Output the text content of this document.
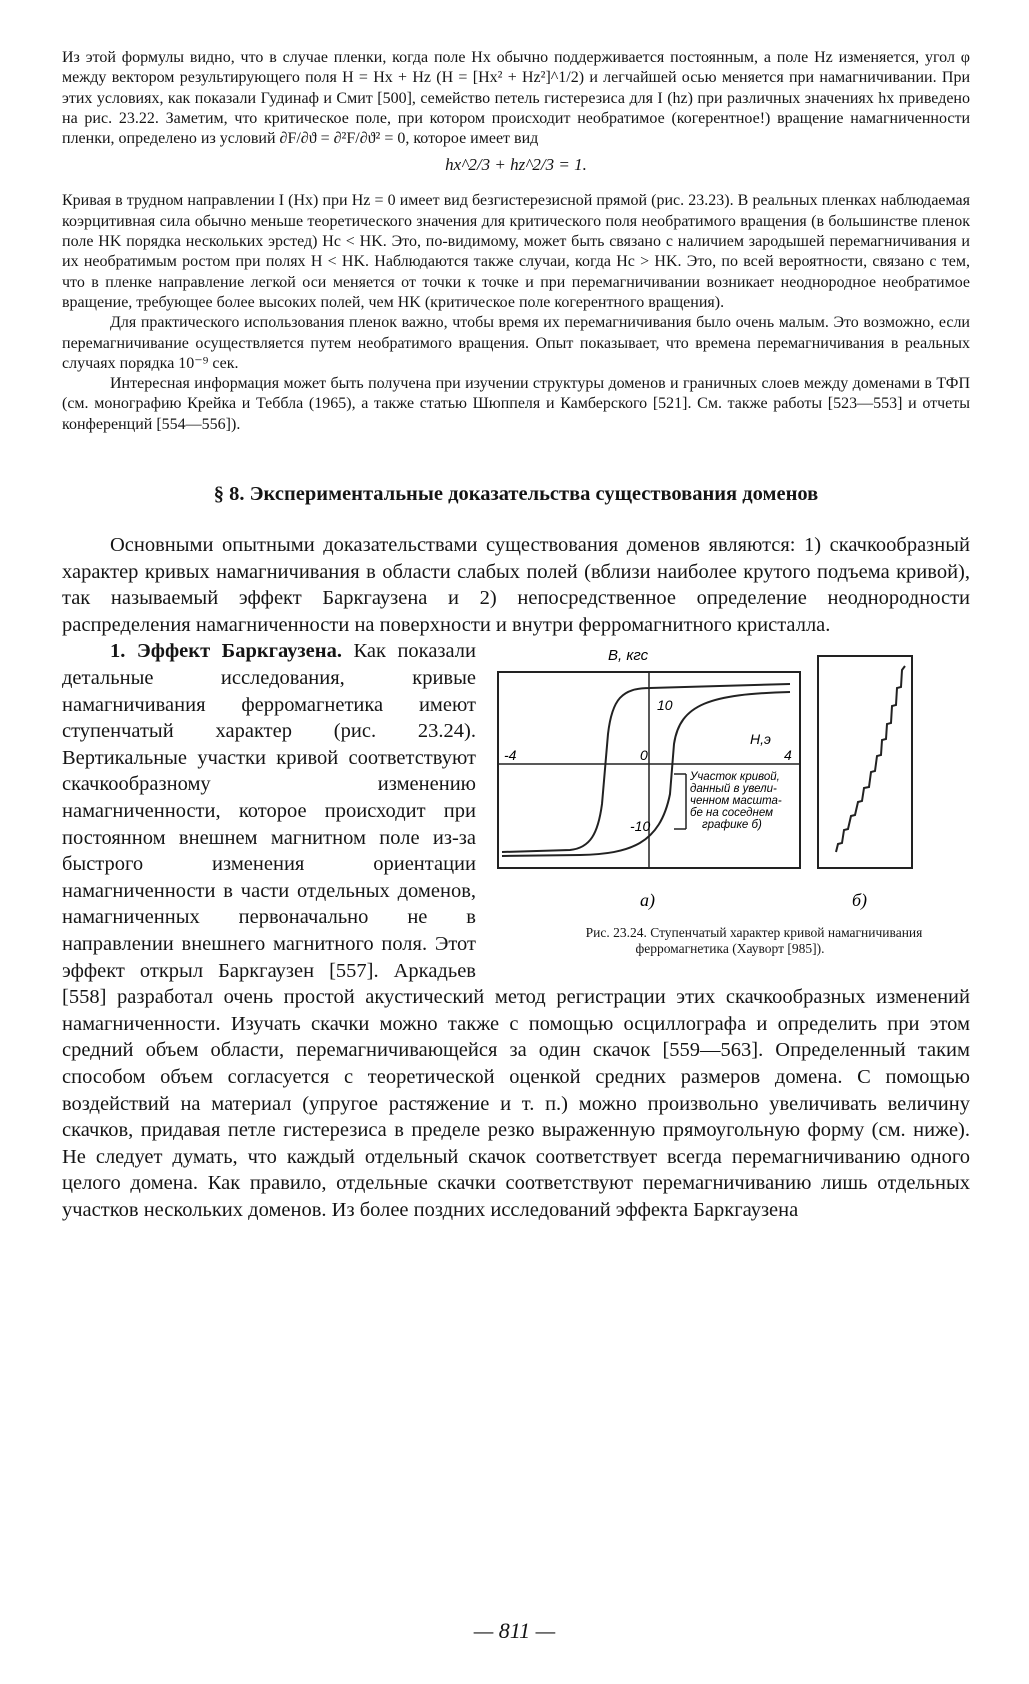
Из этой формулы видно, что в случае пленки, когда поле Hx обычно поддерживается постоянным, а поле Hz изменяется, угол φ между вектором результирующего поля H = Hx + Hz (H = [Hx² + Hz²]^1/2) и легчайшей осью меняется при намагничивании. При этих условиях, как показали Гудинаф и Смит [500], семейство петель гистерезиса для I (hz) при различных значениях hx приведено на рис. 23.22. Заметим, что критическое поле, при котором происходит необратимое (когерентное!) вращение намагниченности пленки, определено из условий ∂F/∂ϑ = ∂²F/∂ϑ² = 0, которое имеет вид

hx^2/3 + hz^2/3 = 1.

Кривая в трудном направлении I (Hx) при Hz = 0 имеет вид безгистерезисной прямой (рис. 23.23). В реальных пленках наблюдаемая коэрцитивная сила обычно меньше теоретического значения для критического поля необратимого вращения (в большинстве пленок поле HK порядка нескольких эрстед) Hc < HK. Это, по-видимому, может быть связано с наличием зародышей перемагничивания и их необратимым ростом при полях H < HK. Наблюдаются также случаи, когда Hc > HK. Это, по всей вероятности, связано с тем, что в пленке направление легкой оси меняется от точки к точке и при перемагничивании возникает неоднородное необратимое вращение, требующее более высоких полей, чем HK (критическое поле когерентного вращения).

Для практического использования пленок важно, чтобы время их перемагничивания было очень малым. Это возможно, если перемагничивание осуществляется путем необратимого вращения. Опыт показывает, что времена перемагничивания в реальных случаях порядка 10⁻⁹ сек.

Интересная информация может быть получена при изучении структуры доменов и граничных слоев между доменами в ТФП (см. монографию Крейка и Теббла (1965), а также статью Шюппеля и Камберского [521]. См. также работы [523—553] и отчеты конференций [554—556]).

§ 8. Экспериментальные доказательства существования доменов

Основными опытными доказательствами существования доменов являются: 1) скачкообразный характер кривых намагничивания в области слабых полей (вблизи наиболее крутого подъема кривой), так называемый эффект Баркгаузена и 2) непосредственное определение неоднородности распределения намагниченности на поверхности и внутри ферромагнитного кристалла.

B, кгс
10
-10
-4	4
0
H,э
Участок кривой, данный в увели- ченном масшта- бе на соседнем графике б)
а)	б)
Рис. 23.24. Ступенчатый характер кривой намагничивания ферромагнетика (Хауворт [985]).
1. Эффект Баркгаузена. Как показали детальные исследования, кривые намагничивания ферромагнетика имеют ступенчатый характер (рис. 23.24). Вертикальные участки кривой соответствуют скачкообразному изменению намагниченности, которое происходит при постоянном внешнем магнитном поле из-за быстрого изменения ориентации намагниченности в части отдельных доменов, намагниченных первоначально не в направлении внешнего магнитного поля. Этот эффект открыл Баркгаузен [557]. Аркадьев [558] разработал очень простой акустический метод регистрации этих скачкообразных изменений намагниченности. Изучать скачки можно также с помощью осциллографа и определить при этом средний объем области, перемагничивающейся за один скачок [559—563]. Определенный таким способом объем согласуется с теоретической оценкой средних размеров домена. С помощью воздействий на материал (упругое растяжение и т. п.) можно произвольно увеличивать величину скачков, придавая петле гистерезиса в пределе резко выраженную прямоугольную форму (см. ниже). Не следует думать, что каждый отдельный скачок соответствует всегда перемагничиванию одного целого домена. Как правило, отдельные скачки соответствуют перемагничиванию лишь отдельных участков нескольких доменов. Из более поздних исследований эффекта Баркгаузена

— 811 —
